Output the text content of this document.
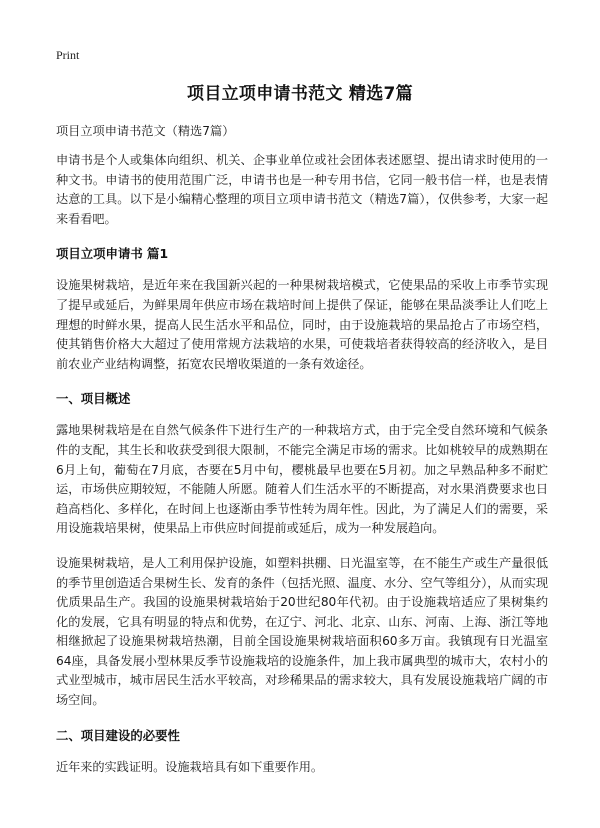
Print
项目立项申请书范文 精选7篇

项目立项申请书范文（精选7篇）

申请书是个人或集体向组织、机关、企事业单位或社会团体表述愿望、提出请求时使用的一种文书。申请书的使用范围广泛，申请书也是一种专用书信，它同一般书信一样，也是表情达意的工具。以下是小编精心整理的项目立项申请书范文（精选7篇），仅供参考，大家一起来看看吧。

项目立项申请书 篇1

设施果树栽培，是近年来在我国新兴起的一种果树栽培模式，它使果品的采收上市季节实现了提早或延后，为鲜果周年供应市场在栽培时间上提供了保证，能够在果品淡季让人们吃上理想的时鲜水果，提高人民生活水平和品位，同时，由于设施栽培的果品抢占了市场空档，使其销售价格大大超过了使用常规方法栽培的水果，可使栽培者获得较高的经济收入，是目前农业产业结构调整，拓宽农民增收渠道的一条有效途径。

一、项目概述

露地果树栽培是在自然气候条件下进行生产的一种栽培方式，由于完全受自然环境和气候条件的支配，其生长和收获受到很大限制，不能完全满足市场的需求。比如桃较早的成熟期在6月上旬，葡萄在7月底，杏要在5月中旬，樱桃最早也要在5月初。加之早熟品种多不耐贮运，市场供应期较短，不能随人所愿。随着人们生活水平的不断提高，对水果消费要求也日趋高档化、多样化，在时间上也逐渐由季节性转为周年性。因此，为了满足人们的需要，采用设施栽培果树，使果品上市供应时间提前或延后，成为一种发展趋向。

设施果树栽培，是人工利用保护设施，如塑料拱棚、日光温室等，在不能生产或生产量很低的季节里创造适合果树生长、发育的条件（包括光照、温度、水分、空气等组分），从而实现优质果品生产。我国的设施果树栽培始于20世纪80年代初。由于设施栽培适应了果树集约化的发展，它具有明显的特点和优势，在辽宁、河北、北京、山东、河南、上海、浙江等地相继掀起了设施果树栽培热潮，目前全国设施果树栽培面积60多万亩。我镇现有日光温室64座，具备发展小型林果反季节设施栽培的设施条件，加上我市属典型的城市大，农村小的式业型城市，城市居民生活水平较高，对珍稀果品的需求较大，具有发展设施栽培广阔的市场空间。

二、项目建设的必要性

近年来的实践证明。设施栽培具有如下重要作用。
